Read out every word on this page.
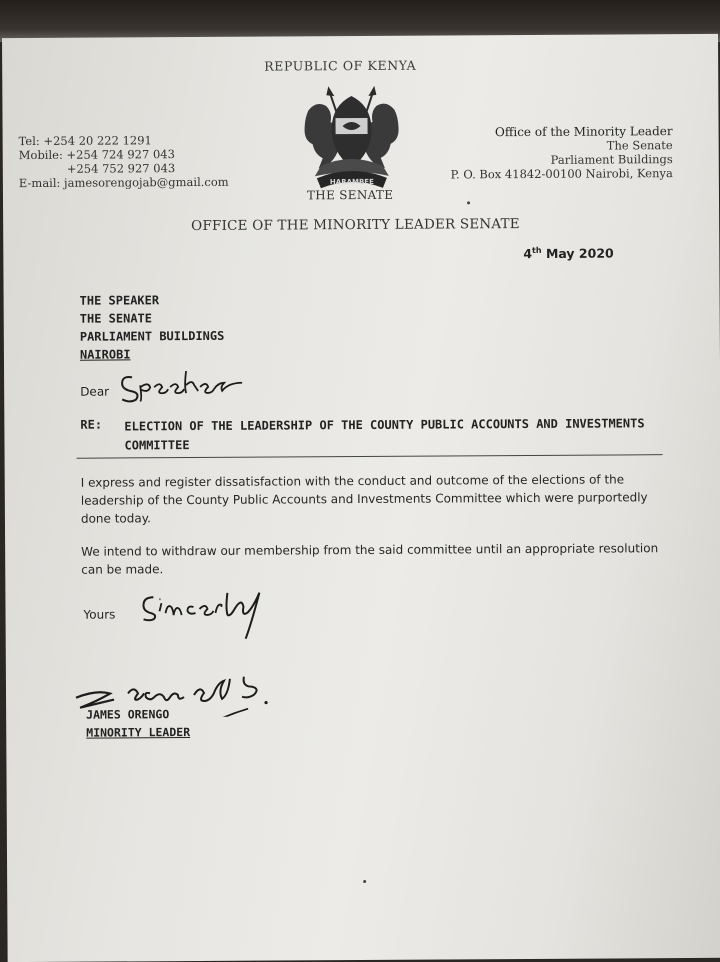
REPUBLIC OF KENYA
HARAMBEE
THE SENATE
Tel: +254 20 222 1291
Mobile: +254 724 927 043
+254 752 927 043
E-mail: jamesorengojab@gmail.com
Office of the Minority Leader
The Senate
Parliament Buildings
P. O. Box 41842-00100 Nairobi, Kenya
OFFICE OF THE MINORITY LEADER SENATE
4th May 2020
THE SPEAKER
THE SENATE
PARLIAMENT BUILDINGS
NAIROBI
Dear
Speaker
RE: ELECTION OF THE LEADERSHIP OF THE COUNTY PUBLIC ACCOUNTS AND INVESTMENTS COMMITTEE
I express and register dissatisfaction with the conduct and outcome of the elections of the leadership of the County Public Accounts and Investments Committee which were purportedly done today.
We intend to withdraw our membership from the said committee until an appropriate resolution can be made.
Yours
Sincerely
JAMES ORENGO
MINORITY LEADER
